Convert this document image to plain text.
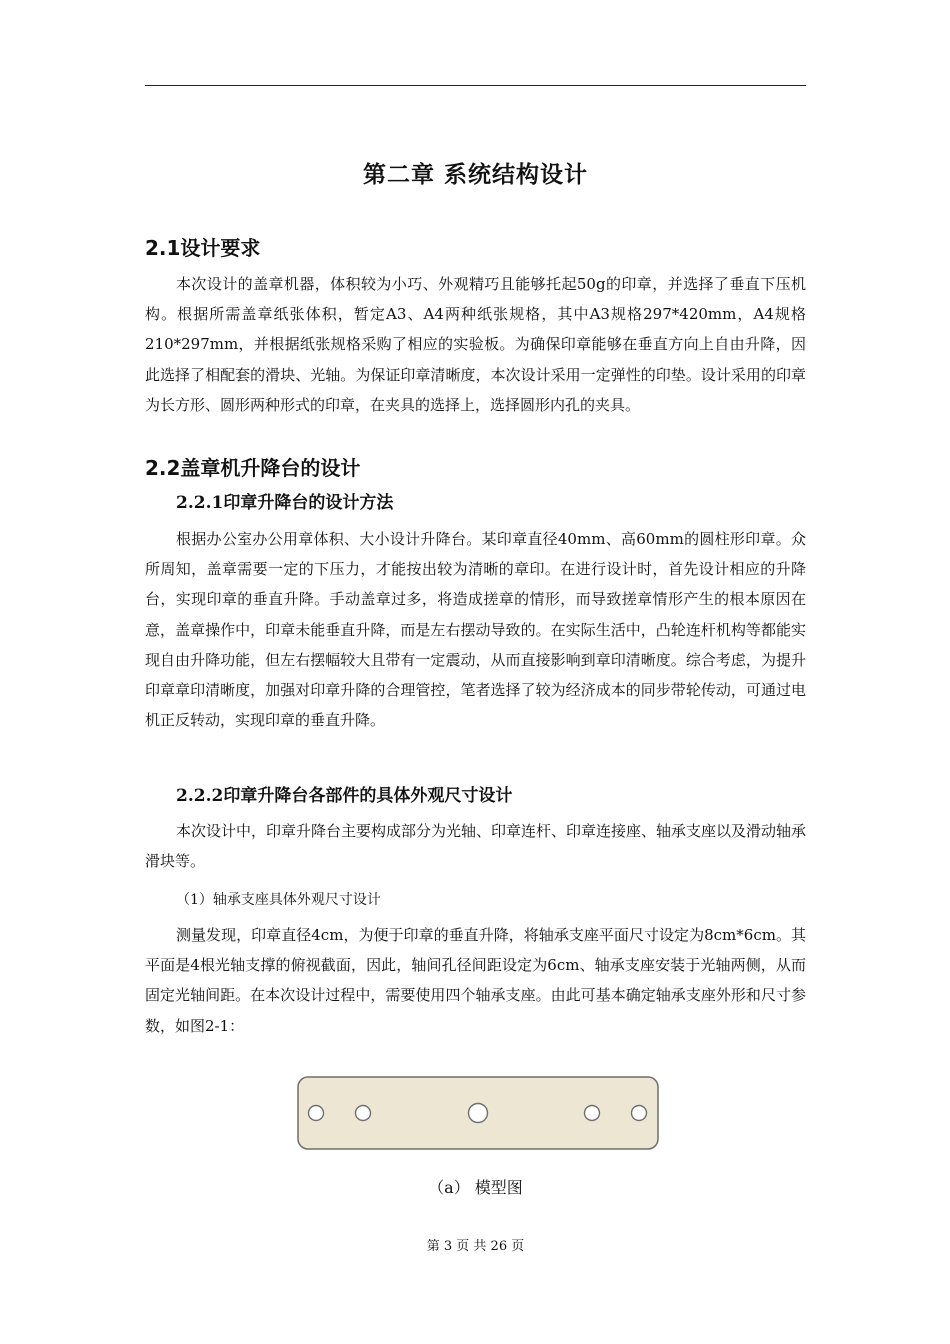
第二章 系统结构设计
2.1设计要求

本次设计的盖章机器，体积较为小巧、外观精巧且能够托起50g的印章，并选择了垂直下压机构。根据所需盖章纸张体积，暂定A3、A4两种纸张规格，其中A3规格297*420mm，A4规格210*297mm，并根据纸张规格采购了相应的实验板。为确保印章能够在垂直方向上自由升降，因此选择了相配套的滑块、光轴。为保证印章清晰度，本次设计采用一定弹性的印垫。设计采用的印章为长方形、圆形两种形式的印章，在夹具的选择上，选择圆形内孔的夹具。

2.2盖章机升降台的设计
2.2.1印章升降台的设计方法

根据办公室办公用章体积、大小设计升降台。某印章直径40mm、高60mm的圆柱形印章。众所周知，盖章需要一定的下压力，才能按出较为清晰的章印。在进行设计时，首先设计相应的升降台，实现印章的垂直升降。手动盖章过多，将造成搓章的情形，而导致搓章情形产生的根本原因在意，盖章操作中，印章未能垂直升降，而是左右摆动导致的。在实际生活中，凸轮连杆机构等都能实现自由升降功能，但左右摆幅较大且带有一定震动，从而直接影响到章印清晰度。综合考虑，为提升印章章印清晰度，加强对印章升降的合理管控，笔者选择了较为经济成本的同步带轮传动，可通过电机正反转动，实现印章的垂直升降。

2.2.2印章升降台各部件的具体外观尺寸设计

本次设计中，印章升降台主要构成部分为光轴、印章连杆、印章连接座、轴承支座以及滑动轴承滑块等。

（1）轴承支座具体外观尺寸设计

测量发现，印章直径4cm，为便于印章的垂直升降，将轴承支座平面尺寸设定为8cm*6cm。其平面是4根光轴支撑的俯视截面，因此，轴间孔径间距设定为6cm、轴承支座安装于光轴两侧，从而固定光轴间距。在本次设计过程中，需要使用四个轴承支座。由此可基本确定轴承支座外形和尺寸参数，如图2-1：

（a） 模型图
第 3 页 共 26 页
